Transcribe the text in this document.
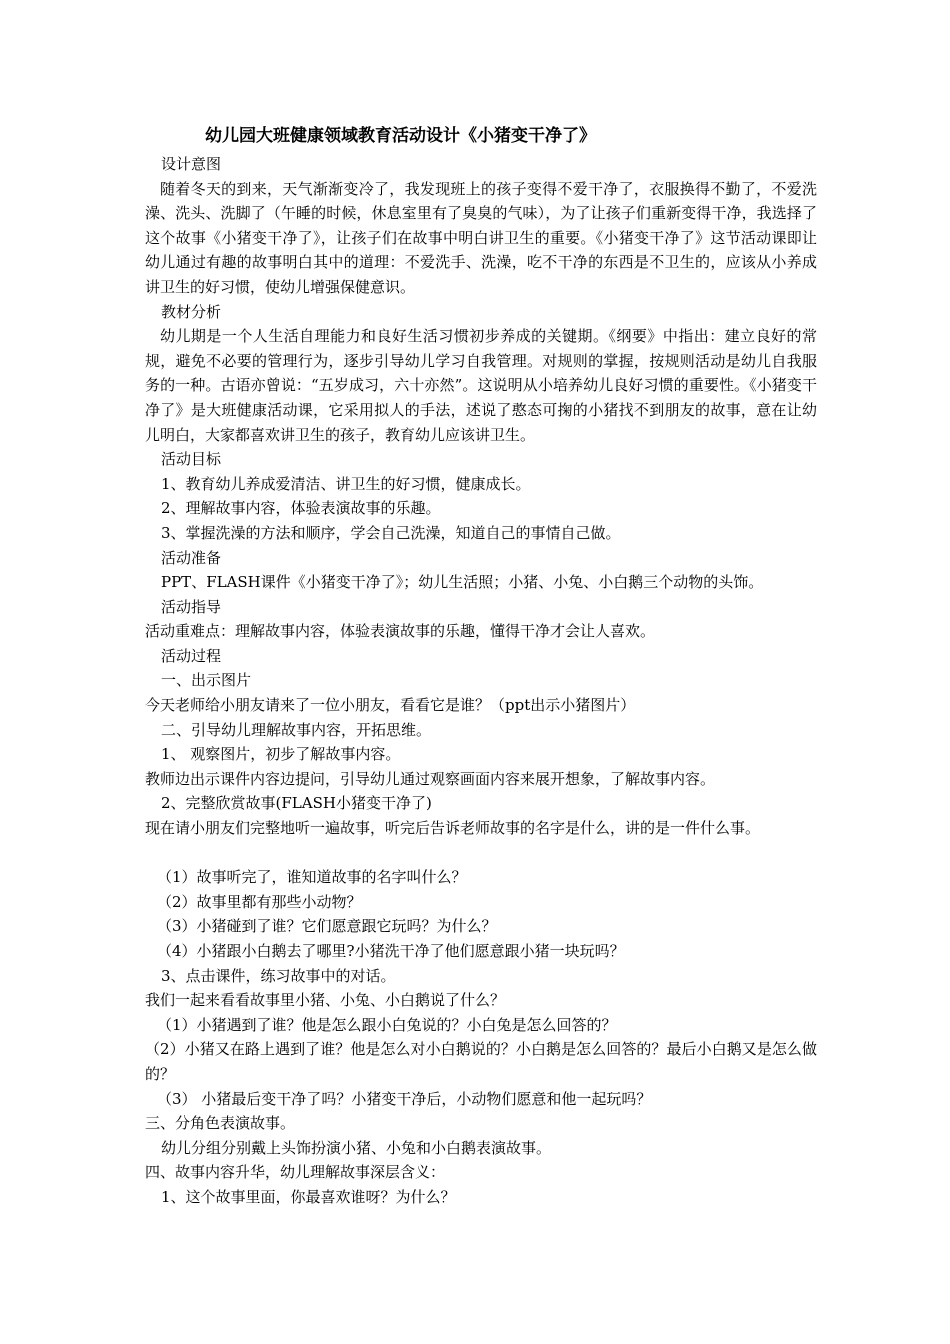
幼儿园大班健康领域教育活动设计《小猪变干净了》
设计意图
随着冬天的到来，天气渐渐变冷了，我发现班上的孩子变得不爱干净了，衣服换得不勤了，不爱洗澡、洗头、洗脚了（午睡的时候，休息室里有了臭臭的气味），为了让孩子们重新变得干净，我选择了这个故事《小猪变干净了》，让孩子们在故事中明白讲卫生的重要。《小猪变干净了》这节活动课即让幼儿通过有趣的故事明白其中的道理：不爱洗手、洗澡，吃不干净的东西是不卫生的，应该从小养成讲卫生的好习惯，使幼儿增强保健意识。
教材分析
幼儿期是一个人生活自理能力和良好生活习惯初步养成的关键期。《纲要》中指出：建立良好的常规，避免不必要的管理行为，逐步引导幼儿学习自我管理。对规则的掌握，按规则活动是幼儿自我服务的一种。古语亦曾说：“五岁成习，六十亦然”。这说明从小培养幼儿良好习惯的重要性。《小猪变干净了》是大班健康活动课，它采用拟人的手法，述说了憨态可掬的小猪找不到朋友的故事，意在让幼儿明白，大家都喜欢讲卫生的孩子，教育幼儿应该讲卫生。
活动目标
1、教育幼儿养成爱清洁、讲卫生的好习惯，健康成长。
2、理解故事内容，体验表演故事的乐趣。
3、掌握洗澡的方法和顺序，学会自己洗澡，知道自己的事情自己做。
活动准备
PPT、FLASH课件《小猪变干净了》；幼儿生活照；小猪、小兔、小白鹅三个动物的头饰。
活动指导
活动重难点：理解故事内容，体验表演故事的乐趣，懂得干净才会让人喜欢。
活动过程
一、出示图片
今天老师给小朋友请来了一位小朋友，看看它是谁？（ppt出示小猪图片）
二、引导幼儿理解故事内容，开拓思维。
1、 观察图片，初步了解故事内容。
教师边出示课件内容边提问，引导幼儿通过观察画面内容来展开想象，了解故事内容。
2、完整欣赏故事(FLASH小猪变干净了)
现在请小朋友们完整地听一遍故事，听完后告诉老师故事的名字是什么，讲的是一件什么事。
（1）故事听完了，谁知道故事的名字叫什么？
（2）故事里都有那些小动物？
（3）小猪碰到了谁？它们愿意跟它玩吗？为什么？
（4）小猪跟小白鹅去了哪里?小猪洗干净了他们愿意跟小猪一块玩吗？
3、点击课件，练习故事中的对话。
我们一起来看看故事里小猪、小兔、小白鹅说了什么？
（1）小猪遇到了谁？他是怎么跟小白兔说的？小白兔是怎么回答的？
（2）小猪又在路上遇到了谁？他是怎么对小白鹅说的？小白鹅是怎么回答的？最后小白鹅又是怎么做的？
（3） 小猪最后变干净了吗？小猪变干净后，小动物们愿意和他一起玩吗？
三、分角色表演故事。
幼儿分组分别戴上头饰扮演小猪、小兔和小白鹅表演故事。
四、故事内容升华，幼儿理解故事深层含义：
1、这个故事里面，你最喜欢谁呀？为什么？
